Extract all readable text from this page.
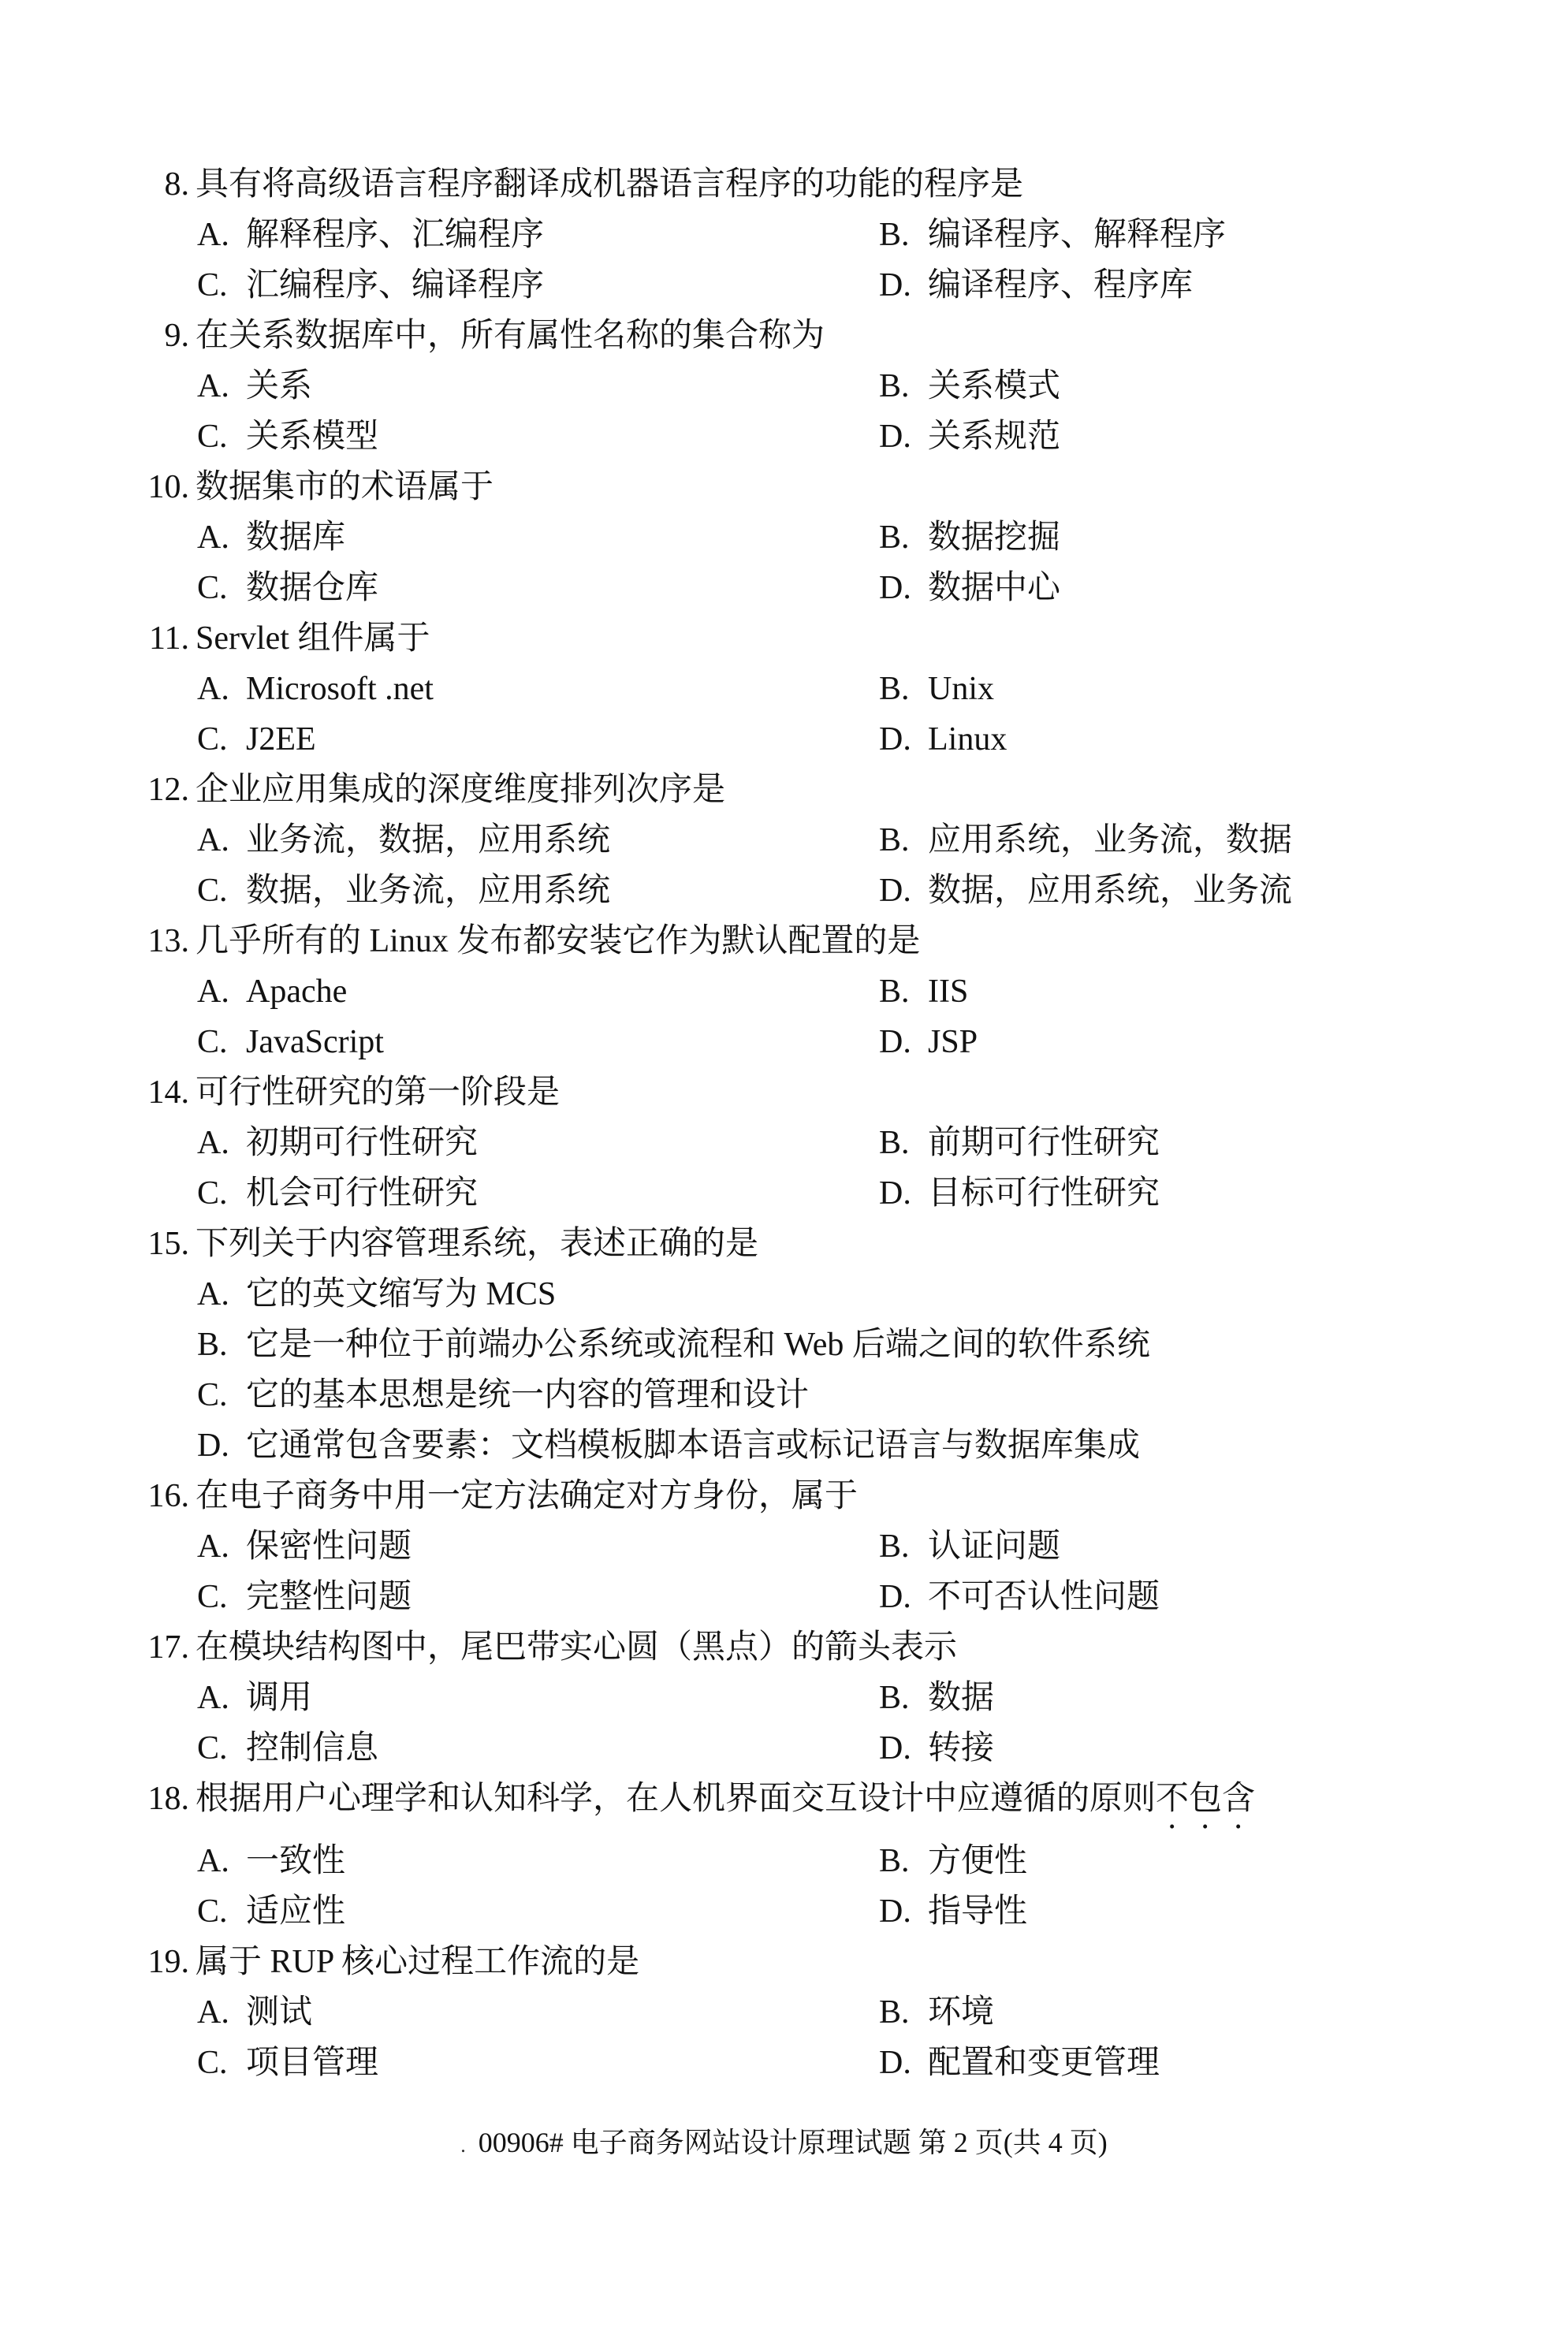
8. 具有将高级语言程序翻译成机器语言程序的功能的程序是
A. 解释程序、汇编程序	B. 编译程序、解释程序
C. 汇编程序、编译程序	D. 编译程序、程序库
9. 在关系数据库中，所有属性名称的集合称为
A. 关系	B. 关系模式
C. 关系模型	D. 关系规范
10. 数据集市的术语属于
A. 数据库	B. 数据挖掘
C. 数据仓库	D. 数据中心
11. Servlet 组件属于
A. Microsoft .net	B. Unix
C. J2EE	D. Linux
12. 企业应用集成的深度维度排列次序是
A. 业务流，数据，应用系统	B. 应用系统，业务流，数据
C. 数据，业务流，应用系统	D. 数据，应用系统，业务流
13. 几乎所有的 Linux 发布都安装它作为默认配置的是
A. Apache	B. IIS
C. JavaScript	D. JSP
14. 可行性研究的第一阶段是
A. 初期可行性研究	B. 前期可行性研究
C. 机会可行性研究	D. 目标可行性研究
15. 下列关于内容管理系统，表述正确的是
A. 它的英文缩写为 MCS
B. 它是一种位于前端办公系统或流程和 Web 后端之间的软件系统
C. 它的基本思想是统一内容的管理和设计
D. 它通常包含要素：文档模板脚本语言或标记语言与数据库集成
16. 在电子商务中用一定方法确定对方身份，属于
A. 保密性问题	B. 认证问题
C. 完整性问题	D. 不可否认性问题
17. 在模块结构图中，尾巴带实心圆（黑点）的箭头表示
A. 调用	B. 数据
C. 控制信息	D. 转接
18. 根据用户心理学和认知科学，在人机界面交互设计中应遵循的原则不包含
A. 一致性	B. 方便性
C. 适应性	D. 指导性
19. 属于 RUP 核心过程工作流的是
A. 测试	B. 环境
C. 项目管理	D. 配置和变更管理
. 00906# 电子商务网站设计原理试题 第 2 页(共 4 页)
